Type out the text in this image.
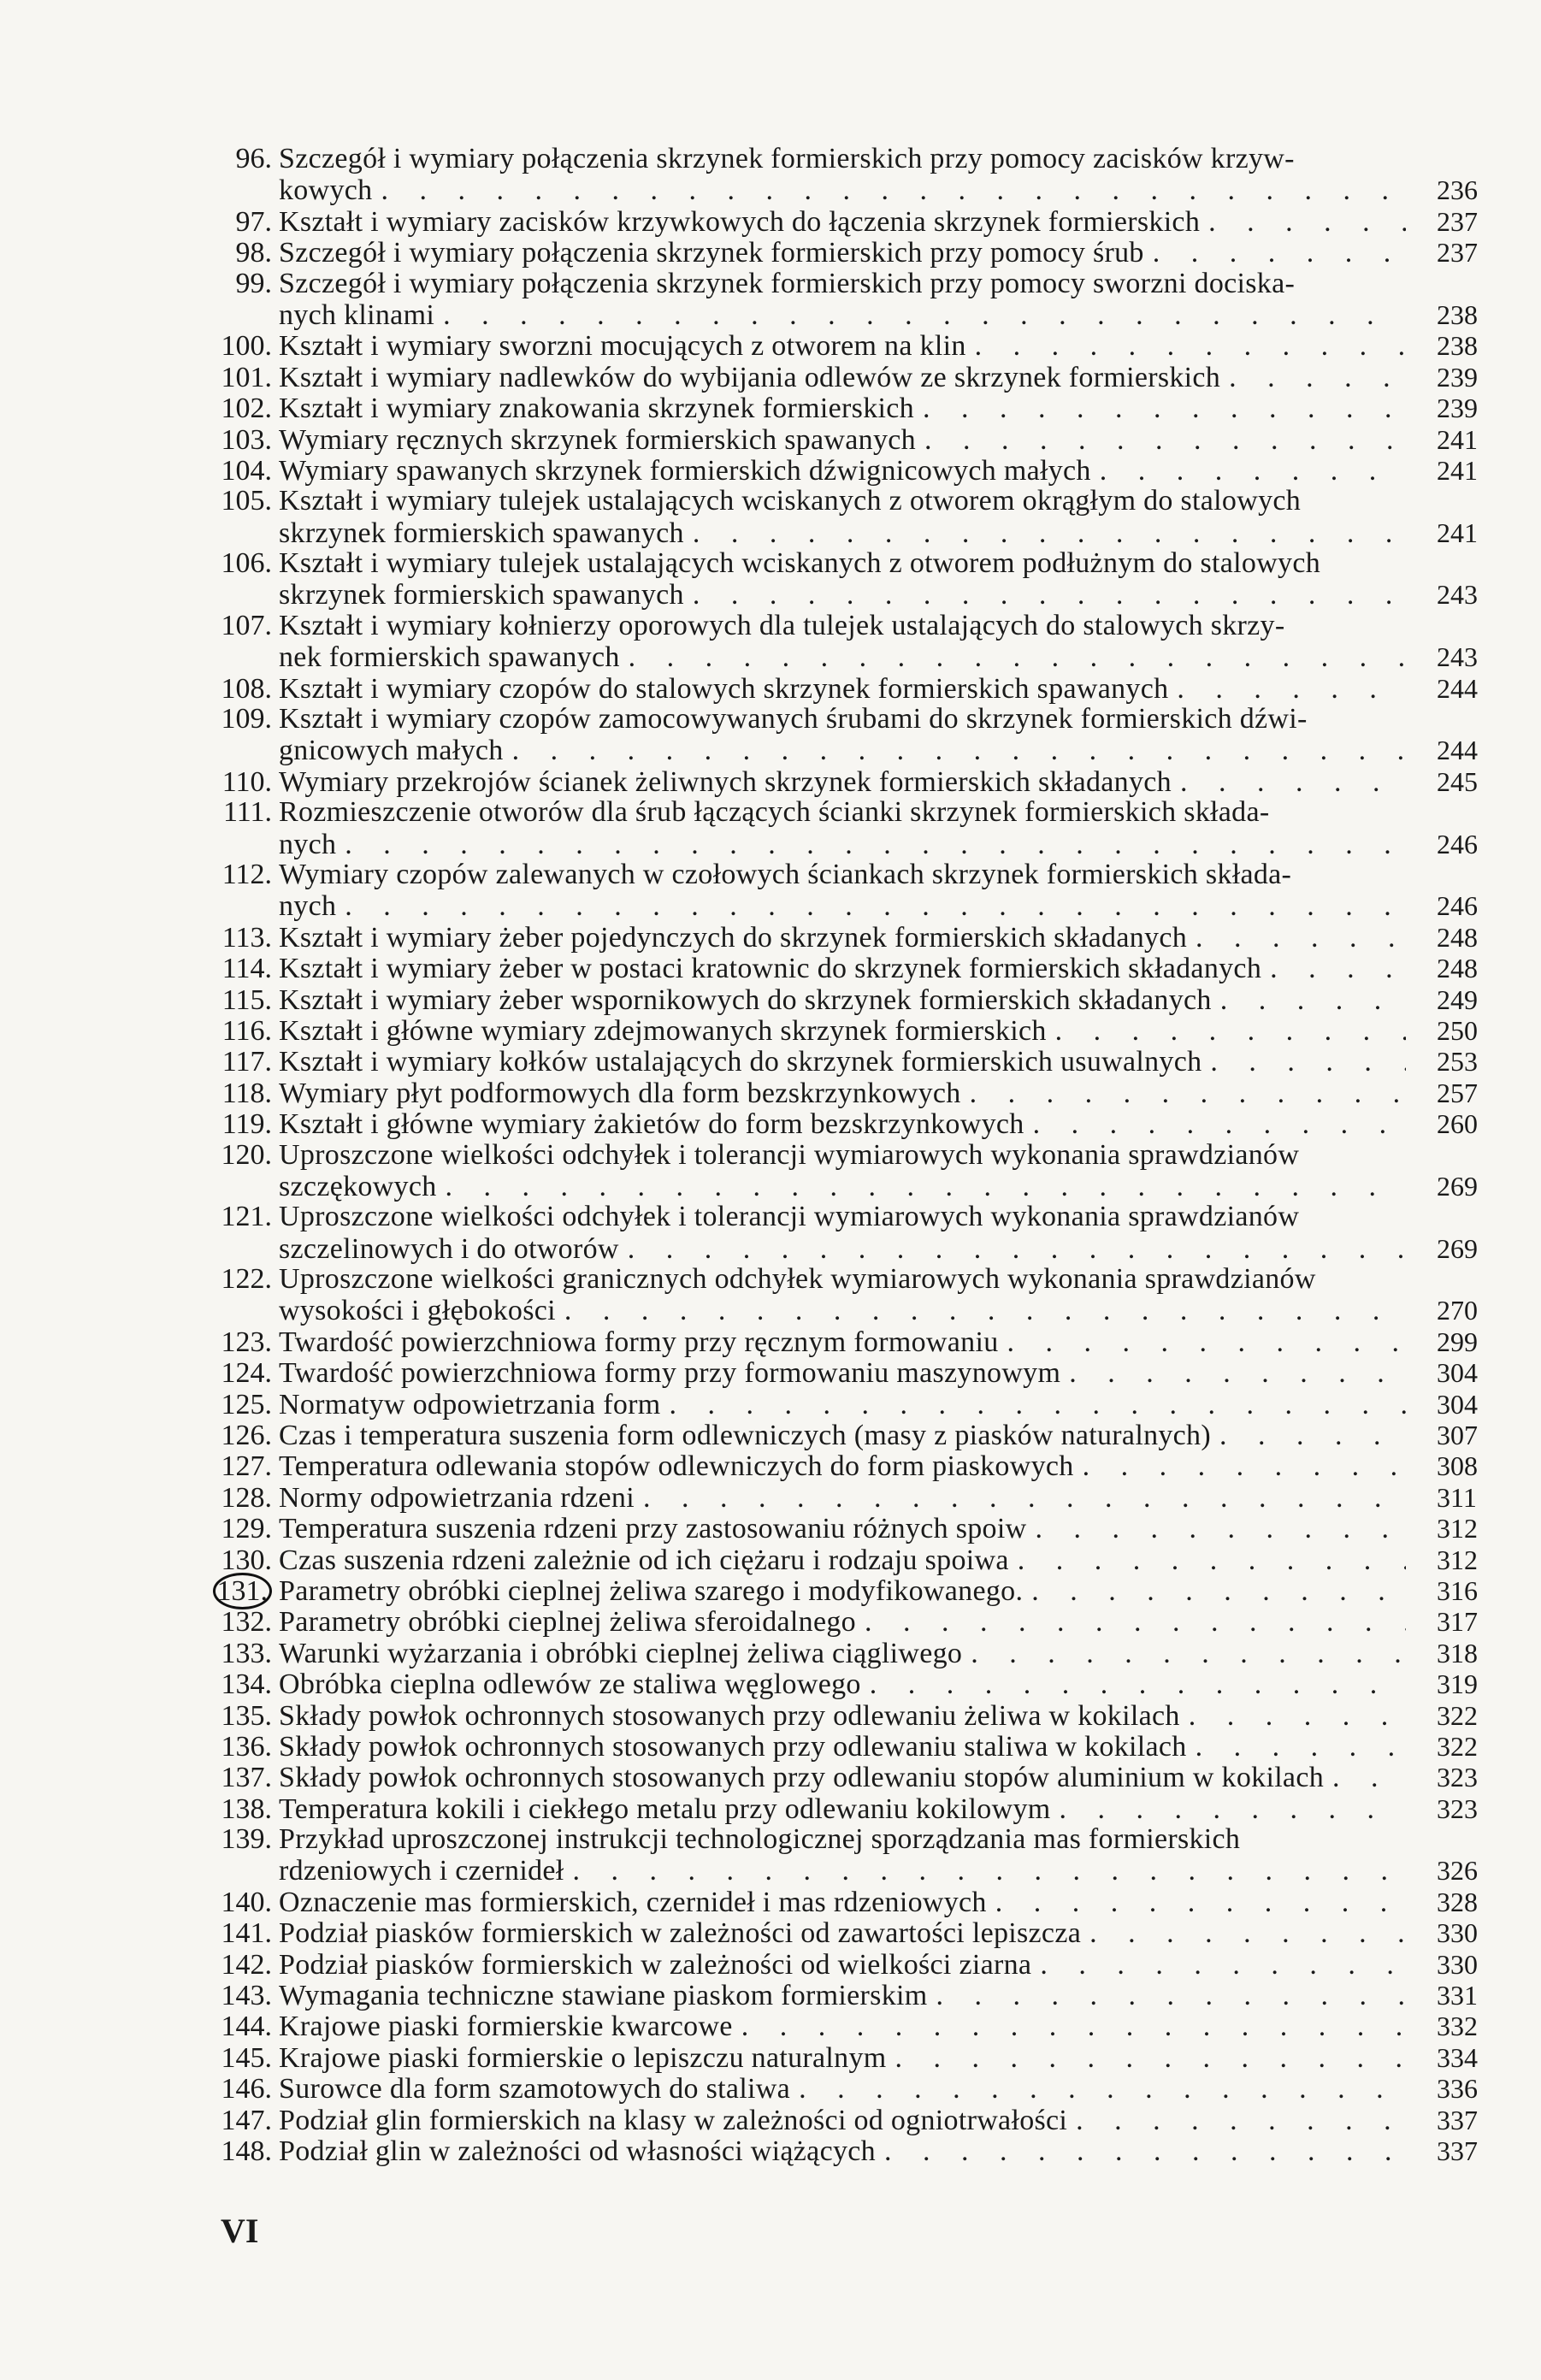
96. Szczegół i wymiary połączenia skrzynek formierskich przy pomocy zacisków krzyw-
kowych . . .	236
97. Kształt i wymiary zacisków krzywkowych do łączenia skrzynek formierskich . . .	237
98. Szczegół i wymiary połączenia skrzynek formierskich przy pomocy śrub . . .	237
99. Szczegół i wymiary połączenia skrzynek formierskich przy pomocy sworzni dociska-
nych klinami . . .	238
100. Kształt i wymiary sworzni mocujących z otworem na klin . . .	238
101. Kształt i wymiary nadlewków do wybijania odlewów ze skrzynek formierskich . . .	239
102. Kształt i wymiary znakowania skrzynek formierskich . . .	239
103. Wymiary ręcznych skrzynek formierskich spawanych . . .	241
104. Wymiary spawanych skrzynek formierskich dźwignicowych małych . . .	241
105. Kształt i wymiary tulejek ustalających wciskanych z otworem okrągłym do stalowych
skrzynek formierskich spawanych . . .	241
106. Kształt i wymiary tulejek ustalających wciskanych z otworem podłużnym do stalowych
skrzynek formierskich spawanych . . .	243
107. Kształt i wymiary kołnierzy oporowych dla tulejek ustalających do stalowych skrzy-
nek formierskich spawanych . . .	243
108. Kształt i wymiary czopów do stalowych skrzynek formierskich spawanych . . .	244
109. Kształt i wymiary czopów zamocowywanych śrubami do skrzynek formierskich dźwi-
gnicowych małych . . .	244
110. Wymiary przekrojów ścianek żeliwnych skrzynek formierskich składanych . . .	245
111. Rozmieszczenie otworów dla śrub łączących ścianki skrzynek formierskich składa-
nych . . .	246
112. Wymiary czopów zalewanych w czołowych ściankach skrzynek formierskich składa-
nych . . .	246
113. Kształt i wymiary żeber pojedynczych do skrzynek formierskich składanych . . .	248
114. Kształt i wymiary żeber w postaci kratownic do skrzynek formierskich składanych . . .	248
115. Kształt i wymiary żeber wspornikowych do skrzynek formierskich składanych . . .	249
116. Kształt i główne wymiary zdejmowanych skrzynek formierskich . . .	250
117. Kształt i wymiary kołków ustalających do skrzynek formierskich usuwalnych . . .	253
118. Wymiary płyt podformowych dla form bezskrzynkowych . . .	257
119. Kształt i główne wymiary żakietów do form bezskrzynkowych . . .	260
120. Uproszczone wielkości odchyłek i tolerancji wymiarowych wykonania sprawdzianów
szczękowych . . .	269
121. Uproszczone wielkości odchyłek i tolerancji wymiarowych wykonania sprawdzianów
szczelinowych i do otworów . . .	269
122. Uproszczone wielkości granicznych odchyłek wymiarowych wykonania sprawdzianów
wysokości i głębokości . . .	270
123. Twardość powierzchniowa formy przy ręcznym formowaniu . . .	299
124. Twardość powierzchniowa formy przy formowaniu maszynowym . . .	304
125. Normatyw odpowietrzania form . . .	304
126. Czas i temperatura suszenia form odlewniczych (masy z piasków naturalnych) . . .	307
127. Temperatura odlewania stopów odlewniczych do form piaskowych . . .	308
128. Normy odpowietrzania rdzeni . . .	311
129. Temperatura suszenia rdzeni przy zastosowaniu różnych spoiw . . .	312
130. Czas suszenia rdzeni zależnie od ich ciężaru i rodzaju spoiwa . . .	312
131. Parametry obróbki cieplnej żeliwa szarego i modyfikowanego. . . .	316
132. Parametry obróbki cieplnej żeliwa sferoidalnego . . .	317
133. Warunki wyżarzania i obróbki cieplnej żeliwa ciągliwego . . .	318
134. Obróbka cieplna odlewów ze staliwa węglowego . . .	319
135. Składy powłok ochronnych stosowanych przy odlewaniu żeliwa w kokilach . . .	322
136. Składy powłok ochronnych stosowanych przy odlewaniu staliwa w kokilach . . .	322
137. Składy powłok ochronnych stosowanych przy odlewaniu stopów aluminium w kokilach . . .	323
138. Temperatura kokili i ciekłego metalu przy odlewaniu kokilowym . . .	323
139. Przykład uproszczonej instrukcji technologicznej sporządzania mas formierskich
rdzeniowych i czernideł . . .	326
140. Oznaczenie mas formierskich, czernideł i mas rdzeniowych . . .	328
141. Podział piasków formierskich w zależności od zawartości lepiszcza . . .	330
142. Podział piasków formierskich w zależności od wielkości ziarna . . .	330
143. Wymagania techniczne stawiane piaskom formierskim . . .	331
144. Krajowe piaski formierskie kwarcowe . . .	332
145. Krajowe piaski formierskie o lepiszczu naturalnym . . .	334
146. Surowce dla form szamotowych do staliwa . . .	336
147. Podział glin formierskich na klasy w zależności od ogniotrwałości . . .	337
148. Podział glin w zależności od własności wiążących . . .	337
VI
